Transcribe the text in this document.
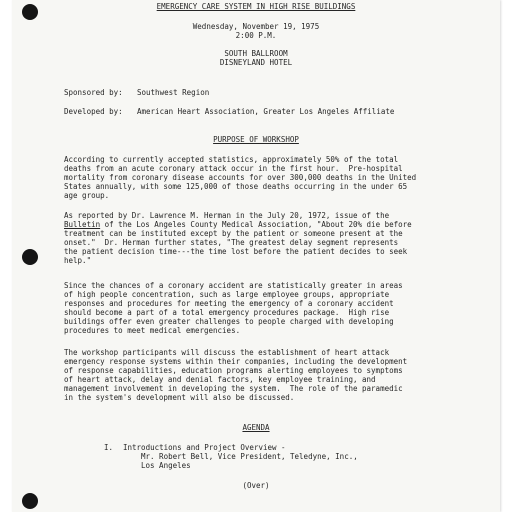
EMERGENCY CARE SYSTEM IN HIGH RISE BUILDINGS
Wednesday, November 19, 1975
2:00 P.M.
SOUTH BALLROOM
DISNEYLAND HOTEL
Sponsored by: Southwest Region
Developed by: American Heart Association, Greater Los Angeles Affiliate
PURPOSE OF WORKSHOP
According to currently accepted statistics, approximately 50% of the total
deaths from an acute coronary attack occur in the first hour.  Pre-hospital
mortality from coronary disease accounts for over 300,000 deaths in the United
States annually, with some 125,000 of those deaths occurring in the under 65
age group.
As reported by Dr. Lawrence M. Herman in the July 20, 1972, issue of the
Bulletin of the Los Angeles County Medical Association, "About 20% die before
treatment can be instituted except by the patient or someone present at the
onset."  Dr. Herman further states, "The greatest delay segment represents
the patient decision time---the time lost before the patient decides to seek
help."
Since the chances of a coronary accident are statistically greater in areas
of high people concentration, such as large employee groups, appropriate
responses and procedures for meeting the emergency of a coronary accident
should become a part of a total emergency procedures package.  High rise
buildings offer even greater challenges to people charged with developing
procedures to meet medical emergencies.
The workshop participants will discuss the establishment of heart attack
emergency response systems within their companies, including the development
of response capabilities, education programs alerting employees to symptoms
of heart attack, delay and denial factors, key employee training, and
management involvement in developing the system.  The role of the paramedic
in the system's development will also be discussed.
AGENDA
I. Introductions and Project Overview -
Mr. Robert Bell, Vice President, Teledyne, Inc.,
Los Angeles
(Over)
